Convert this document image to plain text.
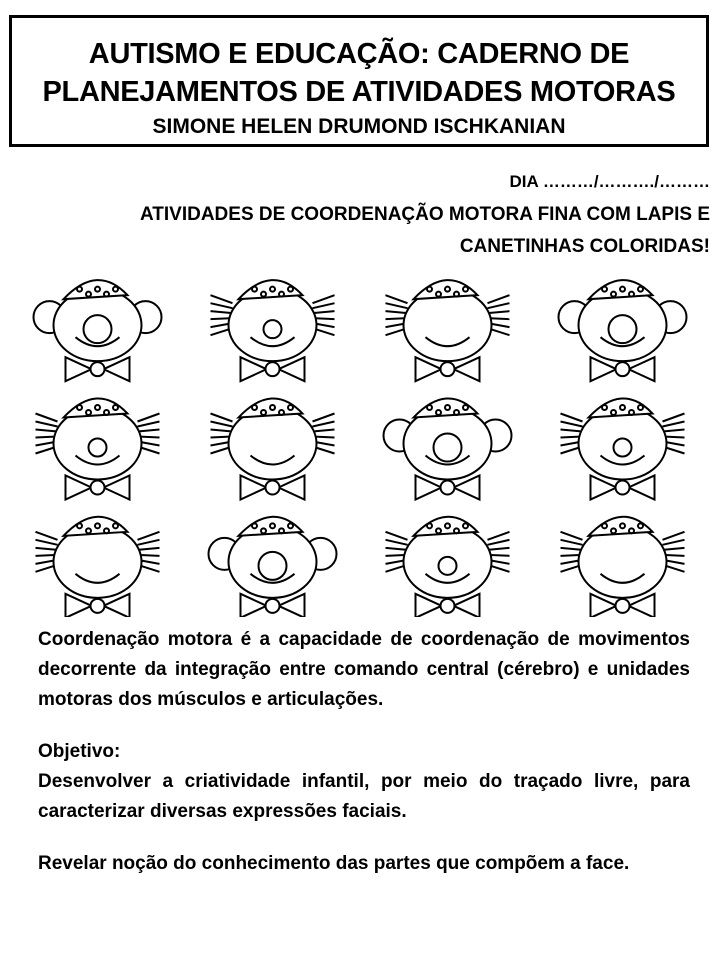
AUTISMO E EDUCAÇÃO: CADERNO DE
PLANEJAMENTOS DE ATIVIDADES MOTORAS
SIMONE HELEN DRUMOND ISCHKANIAN
DIA ………/………./………
ATIVIDADES DE COORDENAÇÃO MOTORA FINA COM LAPIS E
CANETINHAS COLORIDAS!

Coordenação motora é a capacidade de coordenação de movimentos decorrente da integração entre comando central (cérebro) e unidades motoras dos músculos e articulações.

Objetivo:

Desenvolver a criatividade infantil, por meio do traçado livre, para caracterizar diversas expressões faciais.

Revelar noção do conhecimento das partes que compõem a face.
